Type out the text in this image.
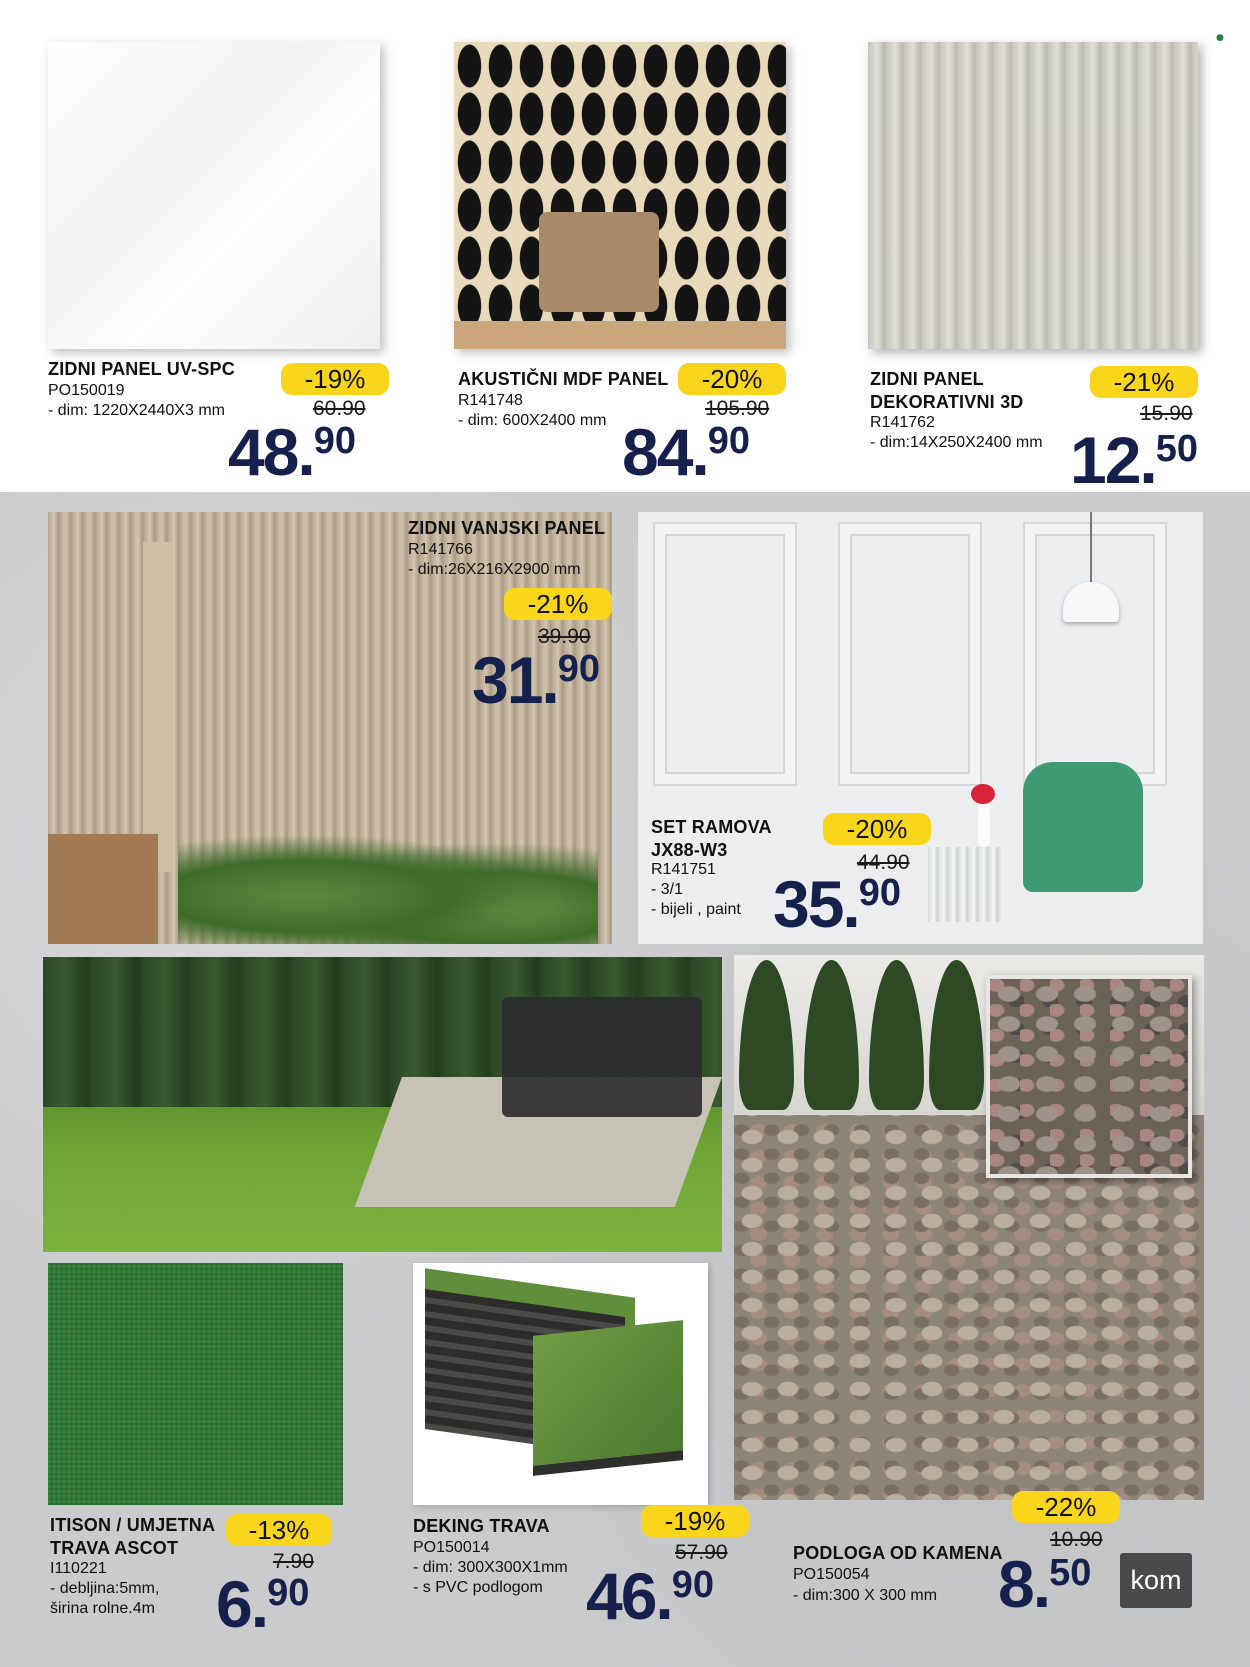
●
ZIDNI PANEL UV-SPC
PO150019
- dim: 1220X2440X3 mm
-19%
60.90
48.90
AKUSTIČNI MDF PANEL
R141748
- dim: 600X2400 mm
-20%
105.90
84.90
ZIDNI PANEL
DEKORATIVNI 3D
R141762
- dim:14X250X2400 mm
-21%
15.90
12.50
ZIDNI VANJSKI PANEL
R141766
- dim:26X216X2900 mm
-21%
39.90
31.90
SET RAMOVA
JX88-W3
R141751
- 3/1
- bijeli , paint
-20%
44.90
35.90
ITISON / UMJETNA
TRAVA ASCOT
I110221
- debljina:5mm,
širina rolne.4m
-13%
7.90
6.90
DEKING TRAVA
PO150014
- dim: 300X300X1mm
- s PVC podlogom
-19%
57.90
46.90
PODLOGA OD KAMENA
PO150054
- dim:300 X 300 mm
-22%
10.90
8.50	kom
